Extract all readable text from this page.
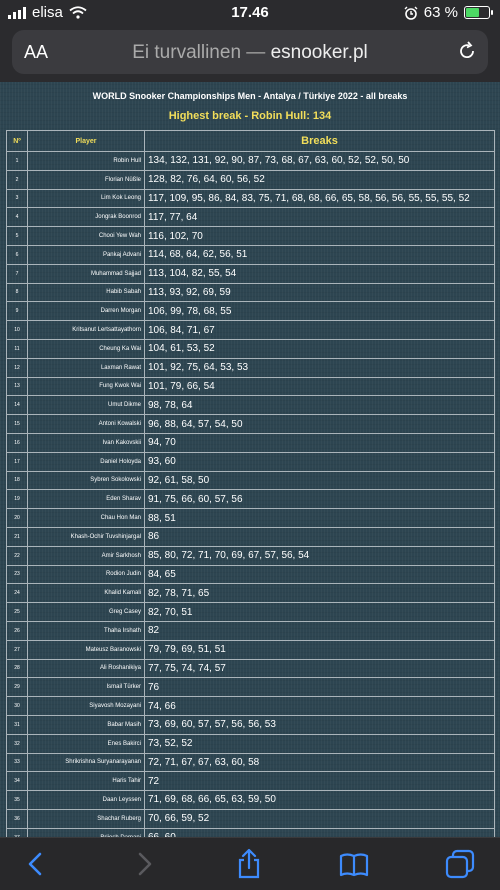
elisa	17.46	63 %
AA	Ei turvallinen — esnooker.pl
WORLD Snooker Championships Men - Antalya / Türkiye 2022 - all breaks
Highest break - Robin Hull: 134
Nº	Player	Breaks
1	Robin Hull	134, 132, 131, 92, 90, 87, 73, 68, 67, 63, 60, 52, 52, 50, 50
2	Florian Nüßle	128, 82, 76, 64, 60, 56, 52
3	Lim Kok Leong	117, 109, 95, 86, 84, 83, 75, 71, 68, 68, 66, 65, 58, 56, 56, 55, 55, 55, 52
4	Jongrak Boonrod	117, 77, 64
5	Chooi Yew Wah	116, 102, 70
6	Pankaj Advani	114, 68, 64, 62, 56, 51
7	Muhammad Sajjad	113, 104, 82, 55, 54
8	Habib Sabah	113, 93, 92, 69, 59
9	Darren Morgan	106, 99, 78, 68, 55
10	Kritsanut Lertsattayathorn	106, 84, 71, 67
11	Cheung Ka Wai	104, 61, 53, 52
12	Laxman Rawat	101, 92, 75, 64, 53, 53
13	Fung Kwok Wai	101, 79, 66, 54
14	Umut Dikme	98, 78, 64
15	Antoni Kowalski	96, 88, 64, 57, 54, 50
16	Ivan Kakovskii	94, 70
17	Daniel Holoyda	93, 60
18	Sybren Sokolowski	92, 61, 58, 50
19	Eden Sharav	91, 75, 66, 60, 57, 56
20	Chau Hon Man	88, 51
21	Khash-Ochir Tuvshinjargal	86
22	Amir Sarkhosh	85, 80, 72, 71, 70, 69, 67, 57, 56, 54
23	Rodion Judin	84, 65
24	Khalid Kamali	82, 78, 71, 65
25	Greg Casey	82, 70, 51
26	Thaha Irshath	82
27	Mateusz Baranowski	79, 79, 69, 51, 51
28	Ali Roshanikiya	77, 75, 74, 74, 57
29	Ismail Türker	76
30	Siyavosh Mozayani	74, 66
31	Babar Masih	73, 69, 60, 57, 57, 56, 56, 53
32	Enes Bakirci	73, 52, 52
33	Shrikrishna Suryanarayanan	72, 71, 67, 67, 63, 60, 58
34	Haris Tahir	72
35	Daan Leyssen	71, 69, 68, 66, 65, 63, 59, 50
36	Shachar Ruberg	70, 66, 59, 52
